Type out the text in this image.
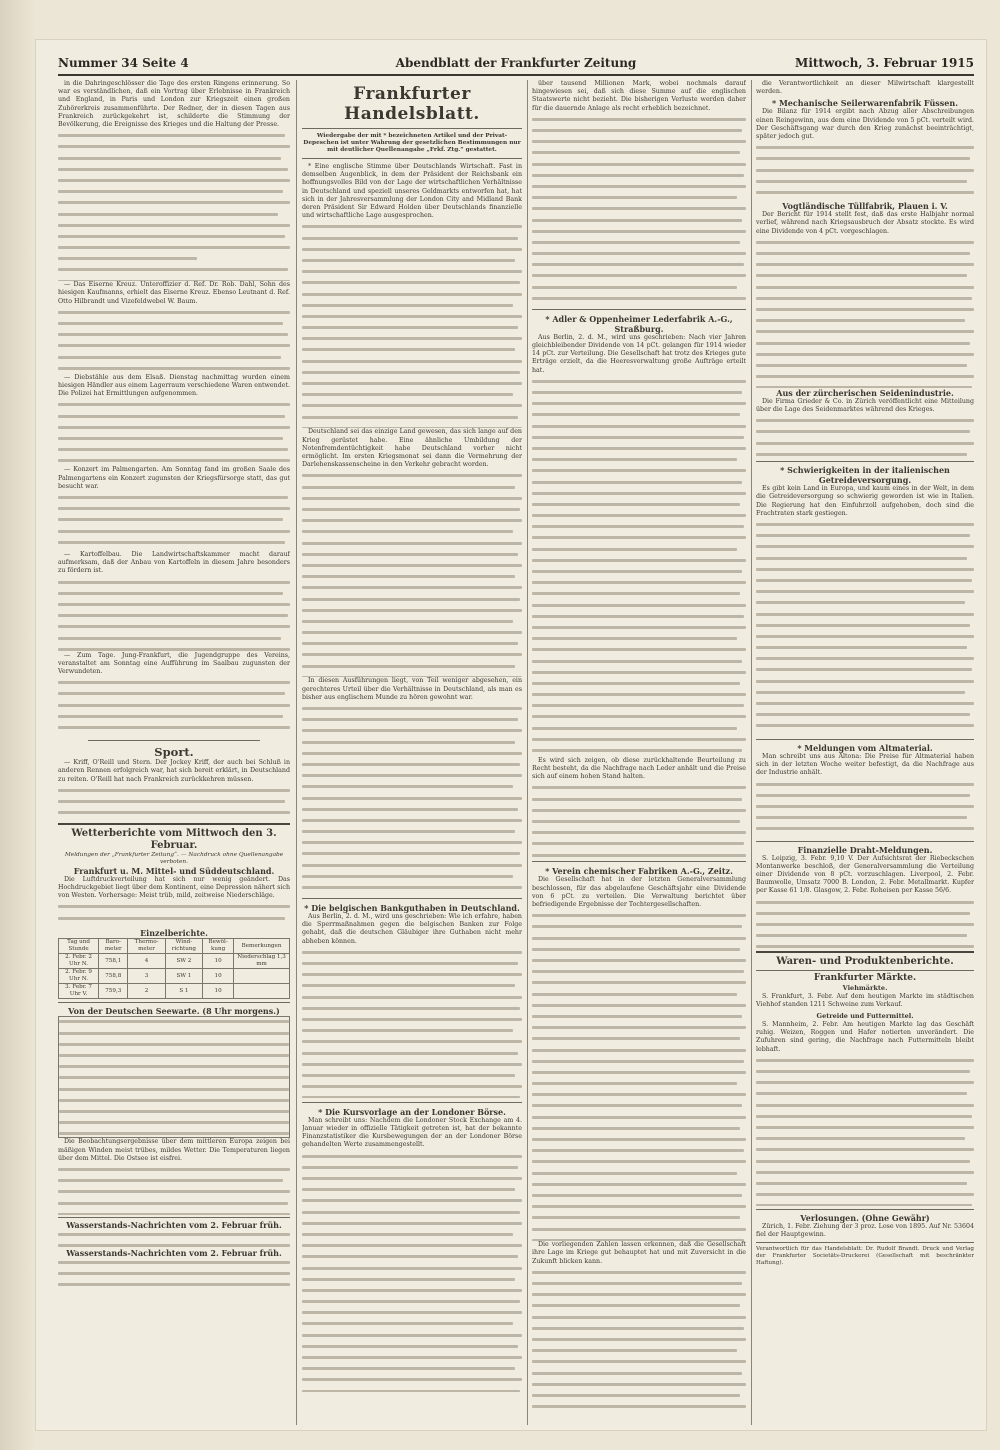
Nummer 34 Seite 4	Abendblatt der Frankfurter Zeitung	Mittwoch, 3. Februar 1915

in die Dahringeschlösser die Tage des ersten Ringens erinnerung. So war es verständlichen, daß ein Vortrag über Erlebnisse in Frankreich und England, in Paris und London zur Kriegszeit einen großen Zuhörerkreis zusammenführte. Der Redner, der in diesen Tagen aus Frankreich zurückgekehrt ist, schilderte die Stimmung der Bevölkerung, die Ereignisse des Krieges und die Haltung der Presse.

— Das Eiserne Kreuz. Unteroffizier d. Ref. Dr. Rob. Dahl, Sohn des hiesigen Kaufmanns, erhielt das Eiserne Kreuz. Ebenso Leutnant d. Ref. Otto Hilbrandt und Vizefeldwebel W. Baum.

— Diebstähle aus dem Elsaß. Dienstag nachmittag wurden einem hiesigen Händler aus einem Lagerraum verschiedene Waren entwendet. Die Polizei hat Ermittlungen aufgenommen.

— Konzert im Palmengarten. Am Sonntag fand im großen Saale des Palmengartens ein Konzert zugunsten der Kriegsfürsorge statt, das gut besucht war.

— Kartoffelbau. Die Landwirtschaftskammer macht darauf aufmerksam, daß der Anbau von Kartoffeln in diesem Jahre besonders zu fördern ist.

— Zum Tage. Jung-Frankfurt, die Jugendgruppe des Vereins, veranstaltet am Sonntag eine Aufführung im Saalbau zugunsten der Verwundeten.

Sport.

— Kriff, O'Reill und Stern. Der Jockey Kriff, der auch bei Schluß in anderen Rennen erfolgreich war, hat sich bereit erklärt, in Deutschland zu reiten. O'Reill hat nach Frankreich zurückkehren müssen.

Wetterberichte vom Mittwoch den 3. Februar.
Meldungen der „Frankfurter Zeitung“. — Nachdruck ohne Quellenangabe verboten.
Frankfurt u. M. Mittel- und Süddeutschland.

Die Luftdruckverteilung hat sich nur wenig geändert. Das Hochdruckgebiet liegt über dem Kontinent, eine Depression nähert sich von Westen. Vorhersage: Meist trüb, mild, zeitweise Niederschläge.

Einzelberichte.
Tag und Stunde	Baro-meter	Thermo-meter	Wind-richtung	Bewöl-kung	Bemerkungen
2. Febr. 2 Uhr N.	758,1	4	SW 2	10	Niederschlag 1,3 mm
2. Febr. 9 Uhr N.	758,8	3	SW 1	10	
3. Febr. 7 Uhr V.	759,3	2	S 1	10	
Von der Deutschen Seewarte. (8 Uhr morgens.)

Die Beobachtungsergebnisse über dem mittleren Europa zeigen bei mäßigen Winden meist trübes, mildes Wetter. Die Temperaturen liegen über dem Mittel. Die Ostsee ist eisfrei.

Wasserstands-Nachrichten vom 2. Februar früh.
Wasserstands-Nachrichten vom 2. Februar früh.
Frankfurter Handelsblatt.
Wiedergabe der mit * bezeichneten Artikel und der Privat-Depeschen ist unter Wahrung der gesetzlichen Bestimmungen nur mit deutlicher Quellenangabe „Frkf. Ztg.“ gestattet.

* Eine englische Stimme über Deutschlands Wirtschaft. Fast in demselben Augenblick, in dem der Präsident der Reichsbank ein hoffnungsvolles Bild von der Lage der wirtschaftlichen Verhältnisse in Deutschland und speziell unseres Geldmarkts entworfen hat, hat sich in der Jahresversammlung der London City and Midland Bank deren Präsident Sir Edward Holden über Deutschlands finanzielle und wirtschaftliche Lage ausgesprochen.

Deutschland sei das einzige Land gewesen, das sich lange auf den Krieg gerüstet habe. Eine ähnliche Umbildung der Notenfremdentüchtigkeit habe Deutschland vorher nicht ermöglicht. Im ersten Kriegsmonat sei dann die Vermehrung der Darlehenskassenscheine in den Verkehr gebracht worden.

In diesen Ausführungen liegt, von Teil weniger abgesehen, ein gerechteres Urteil über die Verhältnisse in Deutschland, als man es bisher aus englischem Munde zu hören gewohnt war.

* Die belgischen Bankguthaben in Deutschland.

Aus Berlin, 2. d. M., wird uns geschrieben: Wie ich erfahre, haben die Sperrmaßnahmen gegen die belgischen Banken zur Folge gehabt, daß die deutschen Gläubiger ihre Guthaben nicht mehr abheben können.

* Die Kursvorlage an der Londoner Börse.

Man schreibt uns: Nachdem die Londoner Stock Exchange am 4. Januar wieder in offizielle Tätigkeit getreten ist, hat der bekannte Finanzstatistiker die Kursbewegungen der an der Londoner Börse gehandelten Werte zusammengestellt.

über tausend Millionen Mark, wobei nochmals darauf hingewiesen sei, daß sich diese Summe auf die englischen Staatswerte nicht bezieht. Die bisherigen Verluste werden daher für die dauernde Anlage als recht erheblich bezeichnet.

* Adler & Oppenheimer Lederfabrik A.-G., Straßburg.

Aus Berlin, 2. d. M., wird uns geschrieben: Nach vier Jahren gleichbleibender Dividende von 14 pCt. gelangen für 1914 wieder 14 pCt. zur Verteilung. Die Gesellschaft hat trotz des Krieges gute Erträge erzielt, da die Heeresverwaltung große Aufträge erteilt hat.

Es wird sich zeigen, ob diese zurückhaltende Beurteilung zu Recht besteht, da die Nachfrage nach Leder anhält und die Preise sich auf einem hohen Stand halten.

* Verein chemischer Fabriken A.-G., Zeitz.

Die Gesellschaft hat in der letzten Generalversammlung beschlossen, für das abgelaufene Geschäftsjahr eine Dividende von 6 pCt. zu verteilen. Die Verwaltung berichtet über befriedigende Ergebnisse der Tochtergesellschaften.

Die vorliegenden Zahlen lassen erkennen, daß die Gesellschaft ihre Lage im Kriege gut behauptet hat und mit Zuversicht in die Zukunft blicken kann.

die Verantwortlichkeit an dieser Milwirtschaft klargestellt werden.

* Mechanische Seilerwarenfabrik Füssen.

Die Bilanz für 1914 ergibt nach Abzug aller Abschreibungen einen Reingewinn, aus dem eine Dividende von 5 pCt. verteilt wird. Der Geschäftsgang war durch den Krieg zunächst beeinträchtigt, später jedoch gut.

Vogtländische Tüllfabrik, Plauen i. V.

Der Bericht für 1914 stellt fest, daß das erste Halbjahr normal verlief, während nach Kriegsausbruch der Absatz stockte. Es wird eine Dividende von 4 pCt. vorgeschlagen.

Aus der zürcherischen Seidenindustrie.

Die Firma Grieder & Co. in Zürich veröffentlicht eine Mitteilung über die Lage des Seidenmarktes während des Krieges.

* Schwierigkeiten in der italienischen Getreideversorgung.

Es gibt kein Land in Europa, und kaum eines in der Welt, in dem die Getreideversorgung so schwierig geworden ist wie in Italien. Die Regierung hat den Einfuhrzoll aufgehoben, doch sind die Frachtraten stark gestiegen.

* Meldungen vom Altmaterial.

Man schreibt uns aus Altona: Die Preise für Altmaterial haben sich in der letzten Woche weiter befestigt, da die Nachfrage aus der Industrie anhält.

Finanzielle Draht-Meldungen.

S. Leipzig, 3. Febr. 9,10 V. Der Aufsichtsrat der Riebeckschen Montanwerke beschloß, der Generalversammlung die Verteilung einer Dividende von 8 pCt. vorzuschlagen. Liverpool, 2. Febr. Baumwolle, Umsatz 7000 B. London, 2. Febr. Metallmarkt. Kupfer per Kasse 61 1/8. Glasgow, 2. Febr. Roheisen per Kasse 56/6.

Waren- und Produktenberichte.
Frankfurter Märkte.
Viehmärkte.

S. Frankfurt, 3. Febr. Auf dem heutigen Markte im städtischen Viehhof standen 1211 Schweine zum Verkauf.

Getreide und Futtermittel.

S. Mannheim, 2. Febr. Am heutigen Markte lag das Geschäft ruhig. Weizen, Roggen und Hafer notierten unverändert. Die Zufuhren sind gering, die Nachfrage nach Futtermitteln bleibt lebhaft.

Verlosungen. (Ohne Gewähr)

Zürich, 1. Febr. Ziehung der 3 proz. Lose von 1895. Auf Nr. 53604 fiel der Hauptgewinn.

Verantwortlich für das Handelsblatt: Dr. Rudolf Brandt. Druck und Verlag der Frankfurter Societäts-Druckerei (Gesellschaft mit beschränkter Haftung).
